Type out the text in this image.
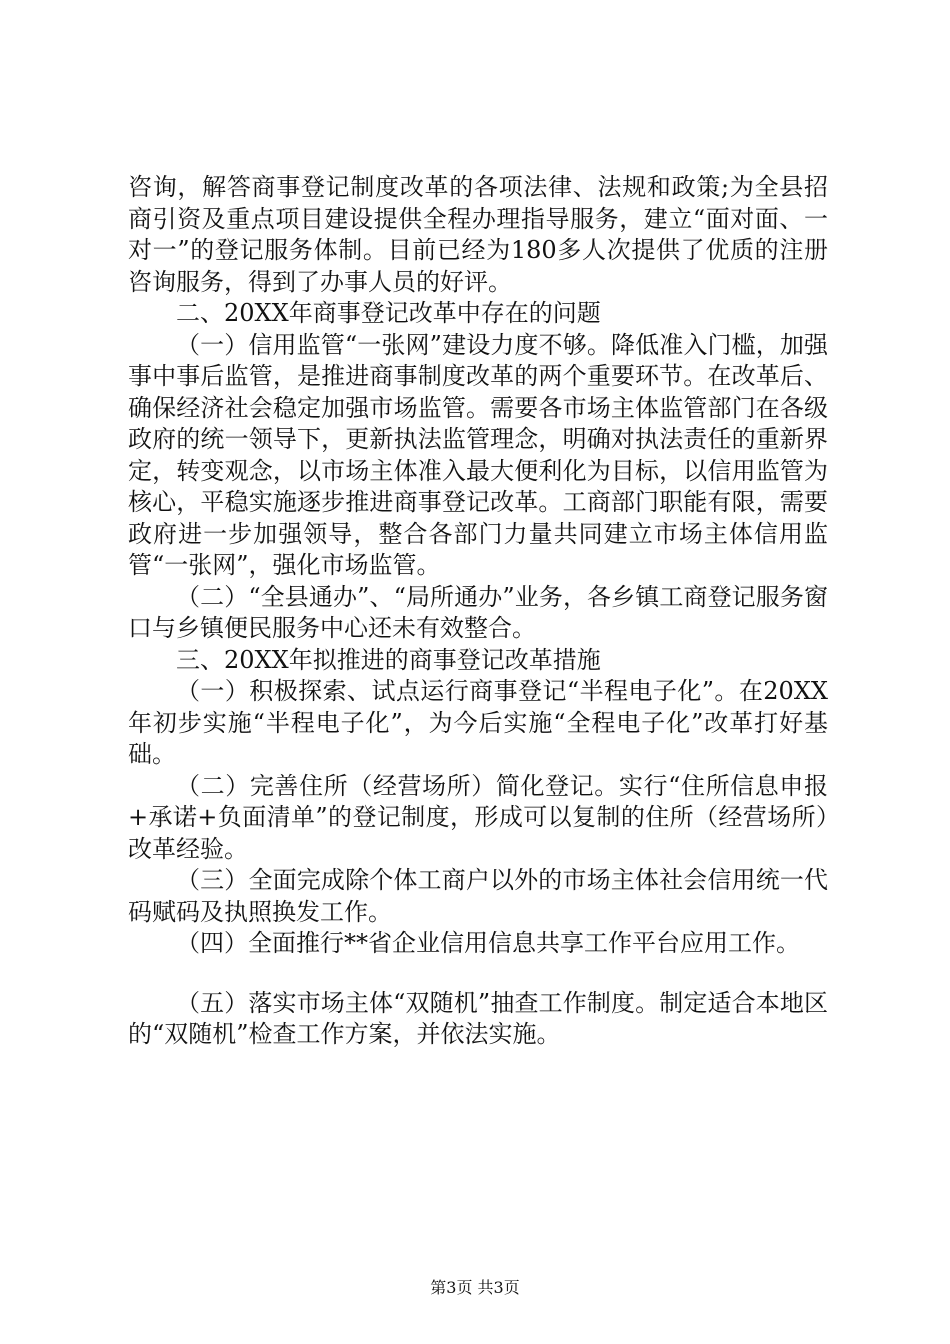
咨询，解答商事登记制度改革的各项法律、法规和政策;为全县招商引资及重点项目建设提供全程办理指导服务，建立“面对面、一对一”的登记服务体制。目前已经为180多人次提供了优质的注册咨询服务，得到了办事人员的好评。

二、20XX年商事登记改革中存在的问题

（一）信用监管“一张网”建设力度不够。降低准入门槛，加强事中事后监管，是推进商事制度改革的两个重要环节。在改革后、确保经济社会稳定加强市场监管。需要各市场主体监管部门在各级政府的统一领导下，更新执法监管理念，明确对执法责任的重新界定，转变观念，以市场主体准入最大便利化为目标，以信用监管为核心，平稳实施逐步推进商事登记改革。工商部门职能有限，需要政府进一步加强领导，整合各部门力量共同建立市场主体信用监管“一张网”，强化市场监管。

（二）“全县通办”、“局所通办”业务，各乡镇工商登记服务窗口与乡镇便民服务中心还未有效整合。

三、20XX年拟推进的商事登记改革措施

（一）积极探索、试点运行商事登记“半程电子化”。在20XX年初步实施“半程电子化”，为今后实施“全程电子化”改革打好基础。

（二）完善住所（经营场所）简化登记。实行“住所信息申报+承诺+负面清单”的登记制度，形成可以复制的住所（经营场所）改革经验。

（三）全面完成除个体工商户以外的市场主体社会信用统一代码赋码及执照换发工作。

（四）全面推行**省企业信用信息共享工作平台应用工作。

（五）落实市场主体“双随机”抽查工作制度。制定适合本地区的“双随机”检查工作方案，并依法实施。

第3页 共3页
